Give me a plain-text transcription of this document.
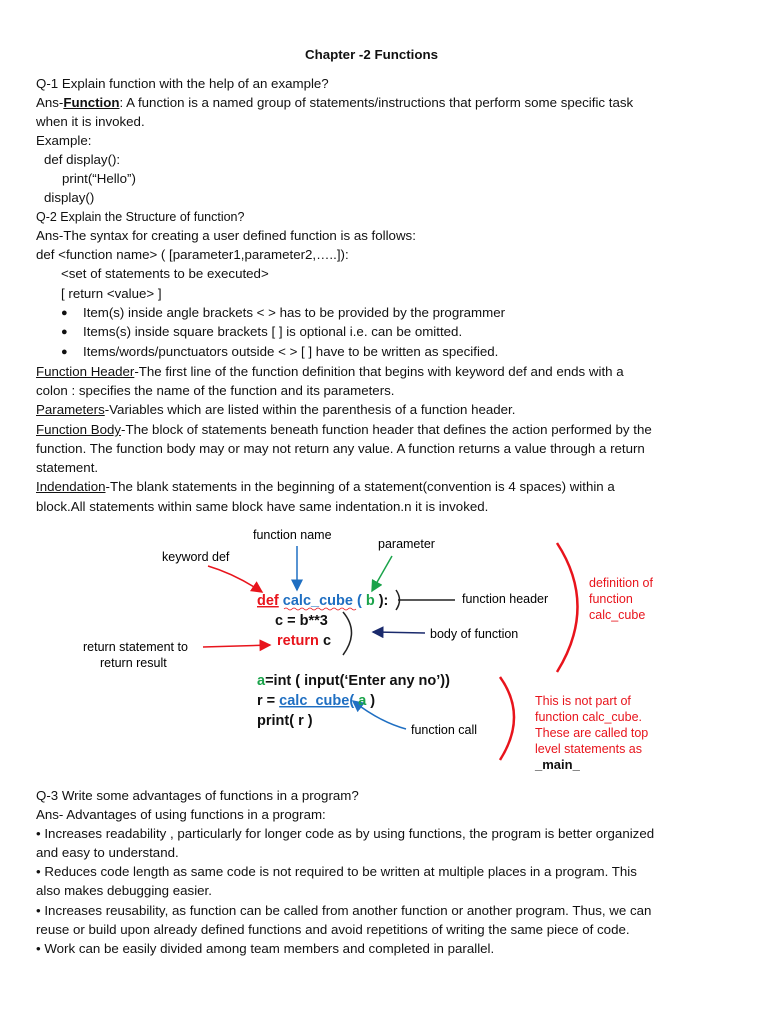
Chapter -2 Functions
Q-1 Explain function with the help of an example?
Ans-Function: A function is a named group of statements/instructions that perform some specific task
when it is invoked.
Example:
def display():
print(“Hello”)
display()
Q-2 Explain the Structure of function?
Ans-The syntax for creating a user defined function is as follows:
def <function name> ( [parameter1,parameter2,…..]):
<set of statements to be executed>
[ return <value> ]
● Item(s) inside angle brackets < > has to be provided by the programmer
● Items(s) inside square brackets [ ] is optional i.e. can be omitted.
● Items/words/punctuators outside < > [ ] have to be written as specified.
Function Header-The first line of the function definition that begins with keyword def and ends with a
colon : specifies the name of the function and its parameters.
Parameters-Variables which are listed within the parenthesis of a function header.
Function Body-The block of statements beneath function header that defines the action performed by the
function. The function body may or may not return any value. A function returns a value through a return
statement.
Indendation-The blank statements in the beginning of a statement(convention is 4 spaces) within a
block.All statements within same block have same indentation.n it is invoked.
function name
parameter
keyword def
function header
body of function
return statement to
return result
function call
def calc_cube ( b ):
c = b**3
return c
a=int ( input(‘Enter any no’))
r = calc_cube( a )
print( r )
definition of
function
calc_cube
This is not part of
function calc_cube.
These are called top
level statements as
_main_
Q-3 Write some advantages of functions in a program?
Ans- Advantages of using functions in a program:
• Increases readability , particularly for longer code as by using functions, the program is better organized
and easy to understand.
• Reduces code length as same code is not required to be written at multiple places in a program. This
also makes debugging easier.
• Increases reusability, as function can be called from another function or another program. Thus, we can
reuse or build upon already defined functions and avoid repetitions of writing the same piece of code.
• Work can be easily divided among team members and completed in parallel.
